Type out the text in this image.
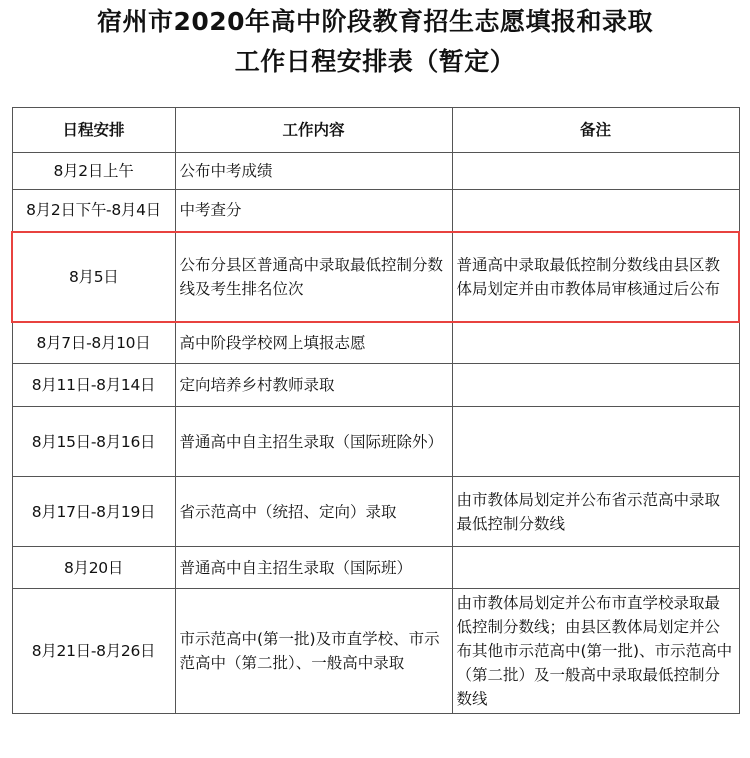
宿州市2020年高中阶段教育招生志愿填报和录取
工作日程安排表（暂定）
日程安排	工作内容	备注
8月2日上午	公布中考成绩	
8月2日下午-8月4日	中考查分	
8月5日	公布分县区普通高中录取最低控制分数线及考生排名位次	普通高中录取最低控制分数线由县区教体局划定并由市教体局审核通过后公布
8月7日-8月10日	高中阶段学校网上填报志愿	
8月11日-8月14日	定向培养乡村教师录取	
8月15日-8月16日	普通高中自主招生录取（国际班除外）	
8月17日-8月19日	省示范高中（统招、定向）录取	由市教体局划定并公布省示范高中录取最低控制分数线
8月20日	普通高中自主招生录取（国际班）	
8月21日-8月26日	市示范高中(第一批)及市直学校、市示范高中（第二批）、一般高中录取	由市教体局划定并公布市直学校录取最低控制分数线；由县区教体局划定并公布其他市示范高中(第一批)、市示范高中（第二批）及一般高中录取最低控制分数线
